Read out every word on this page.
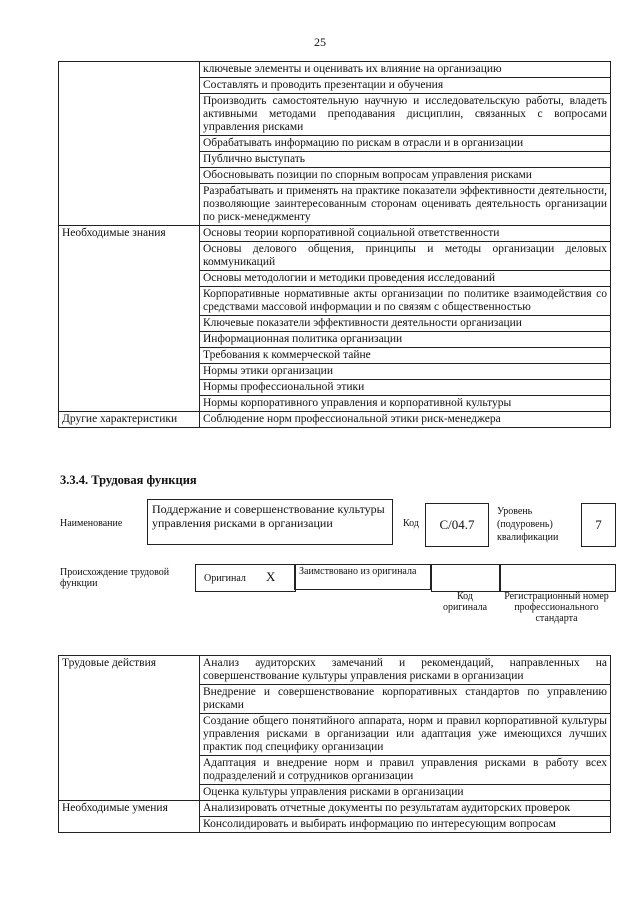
25
	ключевые элементы и оценивать их влияние на организацию
	Составлять и проводить презентации и обучения
	Производить самостоятельную научную и исследовательскую работы, владеть активными методами преподавания дисциплин, связанных с вопросами управления рисками
	Обрабатывать информацию по рискам в отрасли и в организации
	Публично выступать
	Обосновывать позиции по спорным вопросам управления рисками
	Разрабатывать и применять на практике показатели эффективности деятельности, позволяющие заинтересованным сторонам оценивать деятельность организации по риск-менеджменту
Необходимые знания	Основы теории корпоративной социальной ответственности
	Основы делового общения, принципы и методы организации деловых коммуникаций
	Основы методологии и методики проведения исследований
	Корпоративные нормативные акты организации по политике взаимодействия со средствами массовой информации и по связям с общественностью
	Ключевые показатели эффективности деятельности организации
	Информационная политика организации
	Требования к коммерческой тайне
	Нормы этики организации
	Нормы профессиональной этики
	Нормы корпоративного управления и корпоративной культуры
Другие характеристики	Соблюдение норм профессиональной этики риск-менеджера
3.3.4. Трудовая функция
Наименование
Поддержание и совершенствование культуры управления рисками в организации	Код	C/04.7
Уровень (подуровень) квалификации
7
Происхождение трудовой функции	Оригинал X	Заимствовано из оригинала
Код оригинала
Регистрационный номер профессионального стандарта
Трудовые действия	Анализ аудиторских замечаний и рекомендаций, направленных на совершенствование культуры управления рисками в организации
	Внедрение и совершенствование корпоративных стандартов по управлению рисками
	Создание общего понятийного аппарата, норм и правил корпоративной культуры управления рисками в организации или адаптация уже имеющихся лучших практик под специфику организации
	Адаптация и внедрение норм и правил управления рисками в работу всех подразделений и сотрудников организации
	Оценка культуры управления рисками в организации
Необходимые умения	Анализировать отчетные документы по результатам аудиторских проверок
	Консолидировать и выбирать информацию по интересующим вопросам
